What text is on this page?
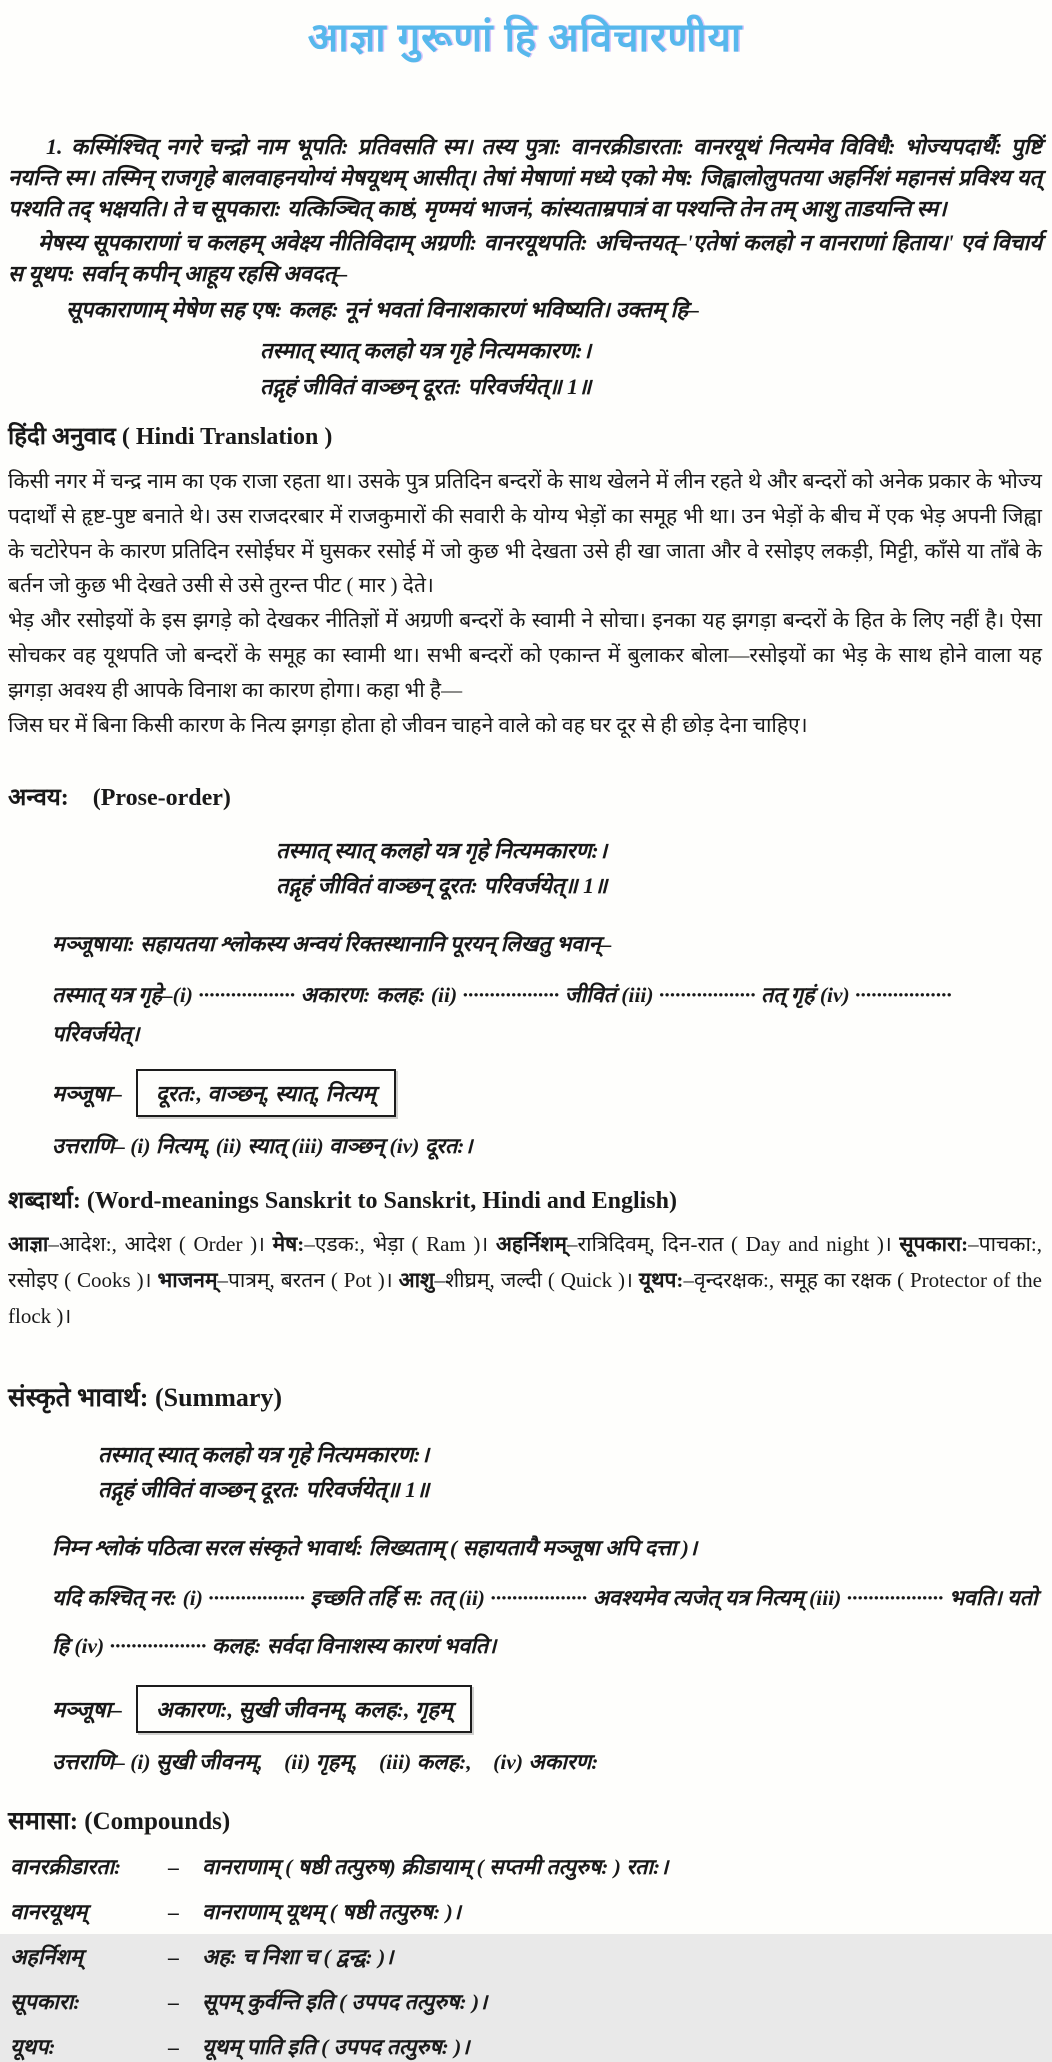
आज्ञा गुरूणां हि अविचारणीया

1. कस्मिंश्चित् नगरे चन्द्रो नाम भूपति: प्रतिवसति स्म। तस्य पुत्रा: वानरक्रीडारता: वानरयूथं नित्यमेव विविधै: भोज्यपदार्थै: पुष्टिं नयन्ति स्म। तस्मिन् राजगृहे बालवाहनयोग्यं मेषयूथम् आसीत्। तेषां मेषाणां मध्ये एको मेष: जिह्वालोलुपतया अहर्निशं महानसं प्रविश्य यत् पश्यति तद् भक्षयति। ते च सूपकारा: यत्किञ्चित् काष्ठं, मृण्मयं भाजनं, कांस्यताम्रपात्रं वा पश्यन्ति तेन तम् आशु ताडयन्ति स्म।

मेषस्य सूपकाराणां च कलहम् अवेक्ष्य नीतिविदाम् अग्रणी: वानरयूथपति: अचिन्तयत्–'एतेषां कलहो न वानराणां हिताय।' एवं विचार्य स यूथप: सर्वान् कपीन् आहूय रहसि अवदत्–

सूपकाराणाम् मेषेण सह एष: कलह: नूनं भवतां विनाशकारणं भविष्यति। उक्तम् हि–

तस्मात् स्यात् कलहो यत्र गृहे नित्यमकारण:।
तद्गृहं जीवितं वाञ्छन् दूरत: परिवर्जयेत्॥ 1॥
हिंदी अनुवाद ( Hindi Translation )

किसी नगर में चन्द्र नाम का एक राजा रहता था। उसके पुत्र प्रतिदिन बन्दरों के साथ खेलने में लीन रहते थे और बन्दरों को अनेक प्रकार के भोज्य पदार्थों से हृष्ट-पुष्ट बनाते थे। उस राजदरबार में राजकुमारों की सवारी के योग्य भेड़ों का समूह भी था। उन भेड़ों के बीच में एक भेड़ अपनी जिह्वा के चटोरेपन के कारण प्रतिदिन रसोईघर में घुसकर रसोई में जो कुछ भी देखता उसे ही खा जाता और वे रसोइए लकड़ी, मिट्टी, काँसे या ताँबे के बर्तन जो कुछ भी देखते उसी से उसे तुरन्त पीट ( मार ) देते।

भेड़ और रसोइयों के इस झगड़े को देखकर नीतिज्ञों में अग्रणी बन्दरों के स्वामी ने सोचा। इनका यह झगड़ा बन्दरों के हित के लिए नहीं है। ऐसा सोचकर वह यूथपति जो बन्दरों के समूह का स्वामी था। सभी बन्दरों को एकान्त में बुलाकर बोला—रसोइयों का भेड़ के साथ होने वाला यह झगड़ा अवश्य ही आपके विनाश का कारण होगा। कहा भी है—

जिस घर में बिना किसी कारण के नित्य झगड़ा होता हो जीवन चाहने वाले को वह घर दूर से ही छोड़ देना चाहिए।

अन्वय: (Prose-order)
तस्मात् स्यात् कलहो यत्र गृहे नित्यमकारण:।
तद्गृहं जीवितं वाञ्छन् दूरत: परिवर्जयेत्॥ 1॥

मञ्जूषाया: सहायतया श्लोकस्य अन्वयं रिक्तस्थानानि पूरयन् लिखतु भवान्–

तस्मात् यत्र गृहे–(i) ·················· अकारण: कलह: (ii) ·················· जीवितं (iii) ·················· तत् गृहं (iv) ·················· परिवर्जयेत्।

मञ्जूषा–	दूरत:, वाञ्छन्, स्यात्, नित्यम्

उत्तराणि– (i) नित्यम्, (ii) स्यात् (iii) वाञ्छन् (iv) दूरत:।

शब्दार्था: (Word-meanings Sanskrit to Sanskrit, Hindi and English)

आज्ञा–आदेश:, आदेश ( Order )। मेष:–एडक:, भेड़ा ( Ram )। अहर्निशम्–रात्रिदिवम्, दिन-रात ( Day and night )। सूपकारा:–पाचका:, रसोइए ( Cooks )। भाजनम्–पात्रम्, बरतन ( Pot )। आशु–शीघ्रम्, जल्दी ( Quick )। यूथप:–वृन्दरक्षक:, समूह का रक्षक ( Protector of the flock )।

संस्कृते भावार्थ: (Summary)
तस्मात् स्यात् कलहो यत्र गृहे नित्यमकारण:।
तद्गृहं जीवितं वाञ्छन् दूरत: परिवर्जयेत्॥ 1॥

निम्न श्लोकं पठित्वा सरल संस्कृते भावार्थ: लिख्यताम् ( सहायतायै मञ्जूषा अपि दत्ता )।

यदि कश्चित् नर: (i) ·················· इच्छति तर्हि स: तत् (ii) ·················· अवश्यमेव त्यजेत् यत्र नित्यम् (iii) ·················· भवति। यतो हि (iv) ·················· कलह: सर्वदा विनाशस्य कारणं भवति।

मञ्जूषा–	अकारण:, सुखी जीवनम्, कलह:, गृहम्

उत्तराणि– (i) सुखी जीवनम्, (ii) गृहम्, (iii) कलह:, (iv) अकारण:

समासा: (Compounds)
वानरक्रीडारता:	–	वानराणाम् ( षष्ठी तत्पुरुष) क्रीडायाम् ( सप्तमी तत्पुरुष: ) रता:।
वानरयूथम्	–	वानराणाम् यूथम् ( षष्ठी तत्पुरुष: )।
अहर्निशम्	–	अह: च निशा च ( द्वन्द्व: )।
सूपकारा:	–	सूपम् कुर्वन्ति इति ( उपपद तत्पुरुष: )।
यूथप:	–	यूथम् पाति इति ( उपपद तत्पुरुष: )।
